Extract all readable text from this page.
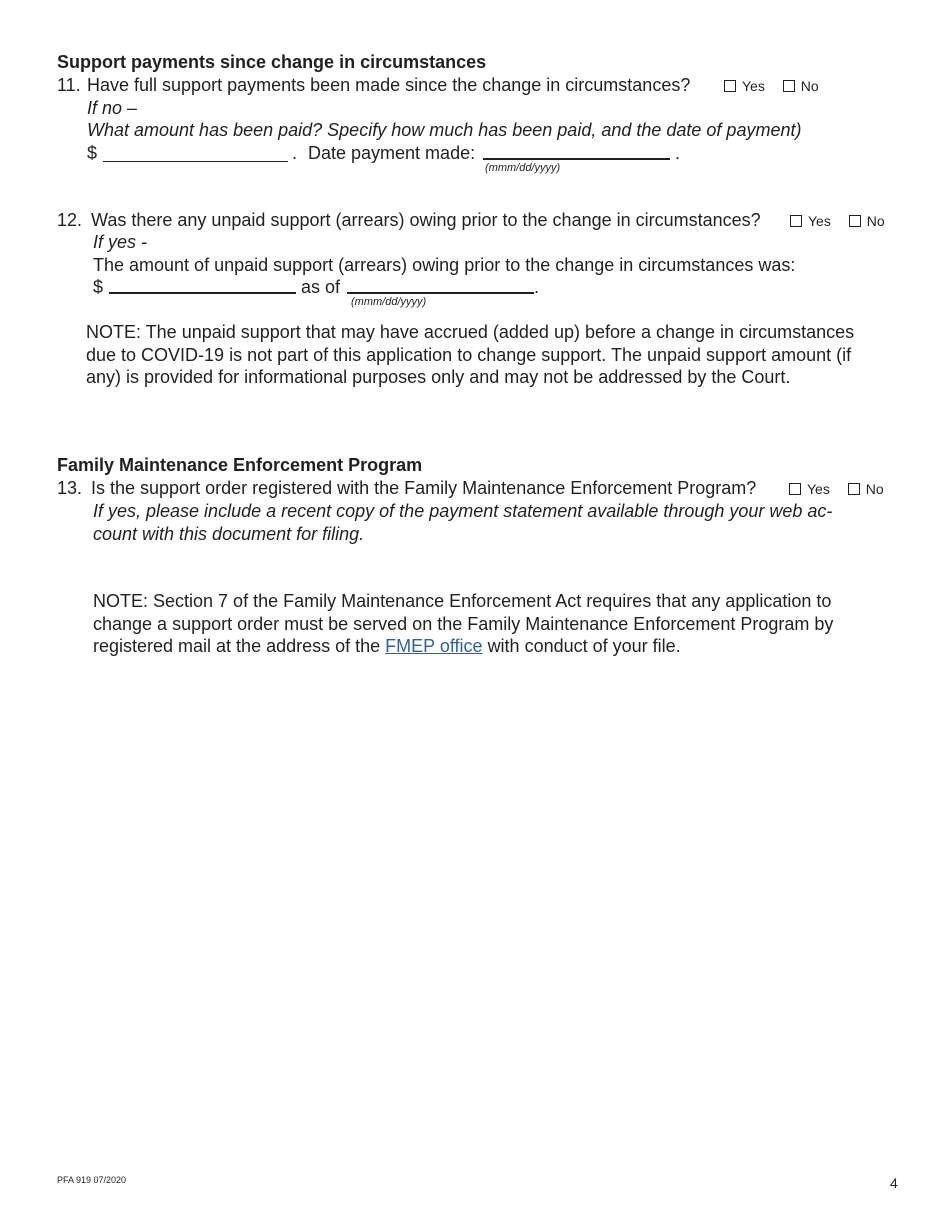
Support payments since change in circumstances
11. Have full support payments been made since the change in circumstances?	Yes	No
If no –
What amount has been paid? Specify how much has been paid, and the date of payment)
$	. Date payment made:	.
(mmm/dd/yyyy)
12. Was there any unpaid support (arrears) owing prior to the change in circumstances?	Yes	No
If yes -
The amount of unpaid support (arrears) owing prior to the change in circumstances was:
$	as of	.
(mmm/dd/yyyy)
NOTE: The unpaid support that may have accrued (added up) before a change in circumstances
due to COVID-19 is not part of this application to change support. The unpaid support amount (if
any) is provided for informational purposes only and may not be addressed by the Court.
Family Maintenance Enforcement Program
13. Is the support order registered with the Family Maintenance Enforcement Program?	Yes	No
If yes, please include a recent copy of the payment statement available through your web ac-
count with this document for filing.
NOTE: Section 7 of the Family Maintenance Enforcement Act requires that any application to
change a support order must be served on the Family Maintenance Enforcement Program by
registered mail at the address of the FMEP office with conduct of your file.
PFA 919 07/2020	4
